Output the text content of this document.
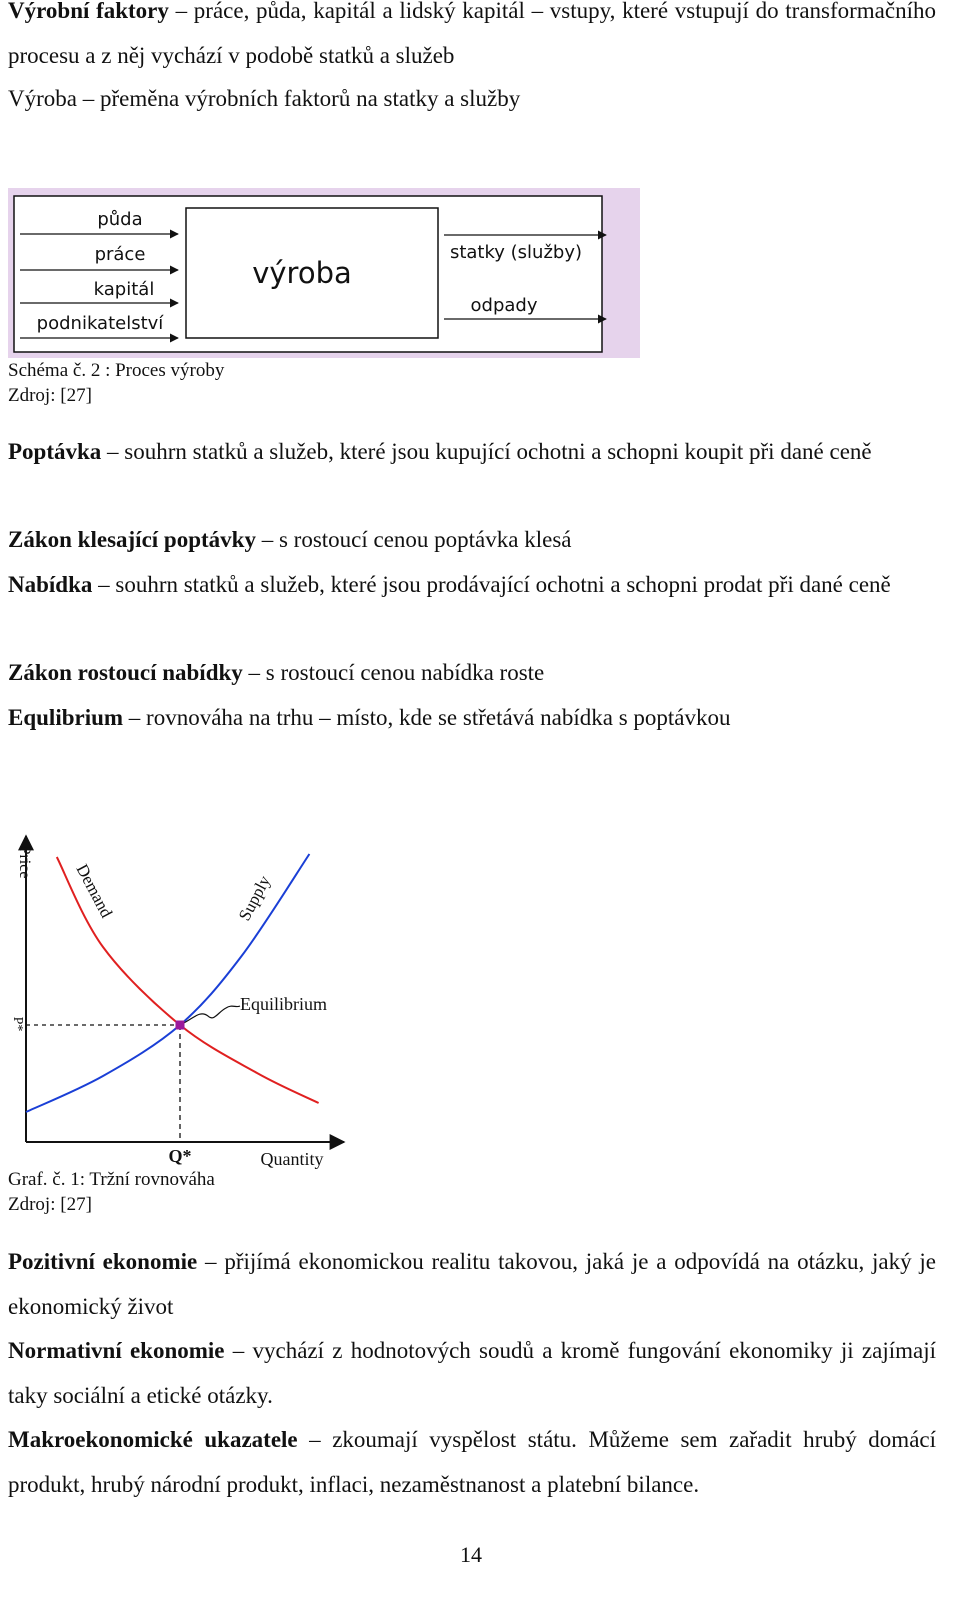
Výrobní faktory – práce, půda, kapitál a lidský kapitál – vstupy, které vstupují do transformačního procesu a z něj vychází v podobě statků a služeb

Výroba – přeměna výrobních faktorů na statky a služby

výroba
půda
práce
kapitál
podnikatelství
statky (služby)
odpady

Schéma č. 2 : Proces výroby

Zdroj: [27]

Poptávka – souhrn statků a služeb, které jsou kupující ochotni a schopni koupit při dané ceně

Zákon klesající poptávky – s rostoucí cenou poptávka klesá

Nabídka – souhrn statků a služeb, které jsou prodávající ochotni a schopni prodat při dané ceně

Zákon rostoucí nabídky – s rostoucí cenou nabídka roste

Equlibrium – rovnováha na trhu – místo, kde se střetává nabídka s poptávkou

Price
Quantity
Q*
P*
Demand	Supply
Equilibrium

Graf. č. 1: Tržní rovnováha

Zdroj: [27]

Pozitivní ekonomie – přijímá ekonomickou realitu takovou, jaká je a odpovídá na otázku, jaký je ekonomický život

Normativní ekonomie – vychází z hodnotových soudů a kromě fungování ekonomiky ji zajímají taky sociální a etické otázky.

Makroekonomické ukazatele – zkoumají vyspělost státu. Můžeme sem zařadit hrubý domácí produkt, hrubý národní produkt, inflaci, nezaměstnanost a platební bilance.

14
